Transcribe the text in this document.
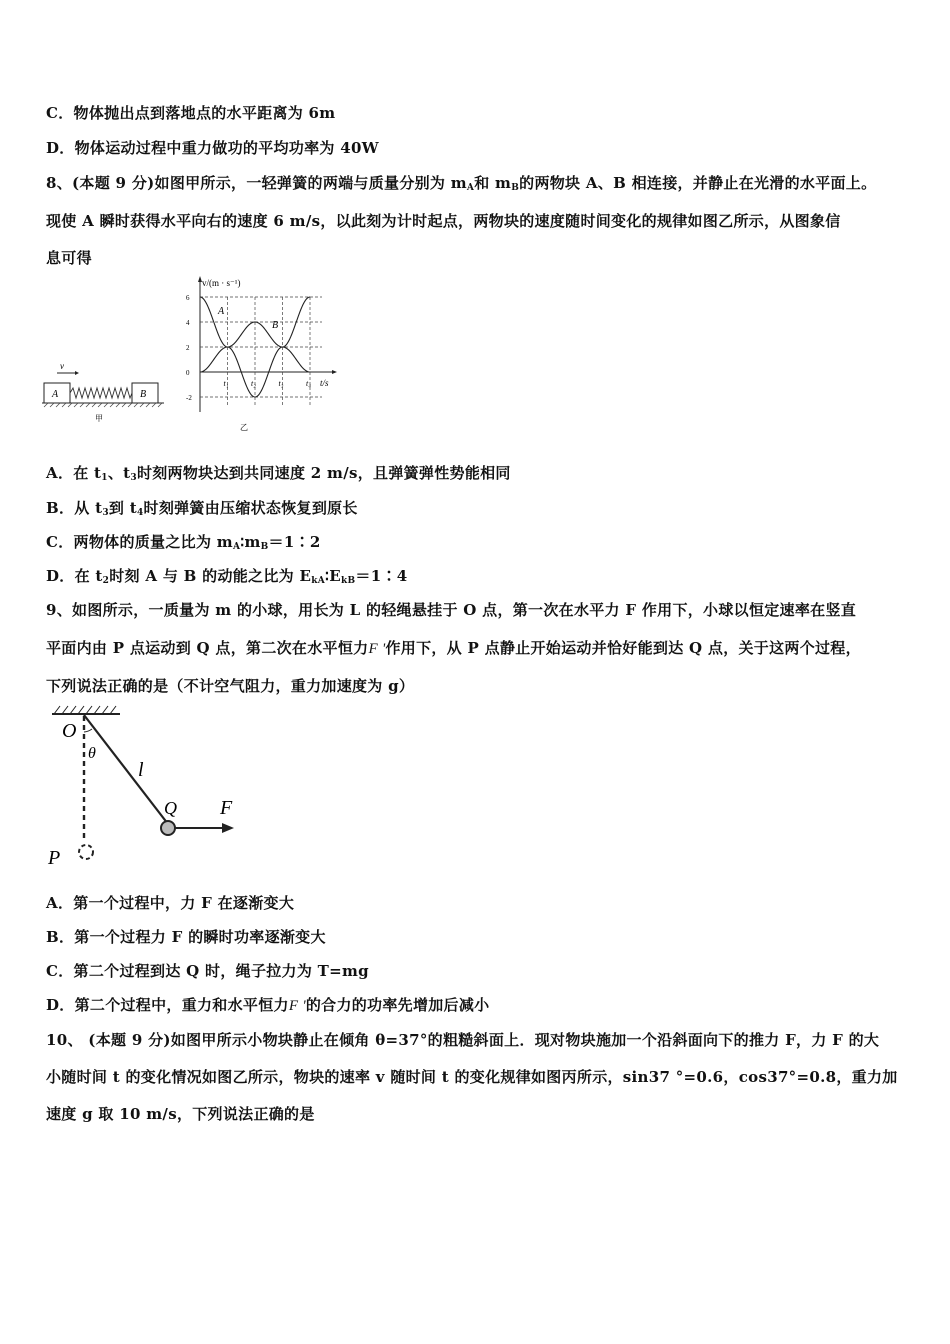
C．物体抛出点到落地点的水平距离为 6m
D．物体运动过程中重力做功的平均功率为 40W
8、(本题 9 分)如图甲所示，一轻弹簧的两端与质量分别为 $m_A$和 $m_B$的两物块 A、B 相连接，并静止在光滑的水平面上。
现使 A 瞬时获得水平向右的速度 6 m/s，以此刻为计时起点，两物块的速度随时间变化的规律如图乙所示，从图象信
息可得
v
A	B
甲
v/(m · s⁻¹)
t/s
6
4
2
0
-2
t₁	t₂	t₃	t₄
A
B
乙
A．在 $t_1$、$t_3$时刻两物块达到共同速度 2 m/s，且弹簧弹性势能相同
B．从 $t_3$到 $t_4$时刻弹簧由压缩状态恢复到原长
C．两物体的质量之比为 $m_A∶m_B=1∶2$
D．在 $t_2$时刻 A 与 B 的动能之比为 $E_{kA}∶E_{kB}=1∶4$
9、如图所示，一质量为 m 的小球，用长为 L 的轻绳悬挂于 O 点，第一次在水平力 F 作用下，小球以恒定速率在竖直
平面内由 P 点运动到 Q 点，第二次在水平恒力F '作用下，从 P 点静止开始运动并恰好能到达 Q 点，关于这两个过程，
下列说法正确的是（不计空气阻力，重力加速度为 g）
O
θ
l
Q F
P
A．第一个过程中，力 F 在逐渐变大
B．第一个过程力 F 的瞬时功率逐渐变大
C．第二个过程到达 Q 时，绳子拉力为 T=mg
D．第二个过程中，重力和水平恒力F '的合力的功率先增加后减小
10、 (本题 9 分)如图甲所示小物块静止在倾角 θ=37°的粗糙斜面上．现对物块施加一个沿斜面向下的推力 F，力 F 的大
小随时间 t 的变化情况如图乙所示，物块的速率 v 随时间 t 的变化规律如图丙所示，sin37 °=0.6，cos37°=0.8，重力加
速度 g 取 10 m/s，下列说法正确的是
